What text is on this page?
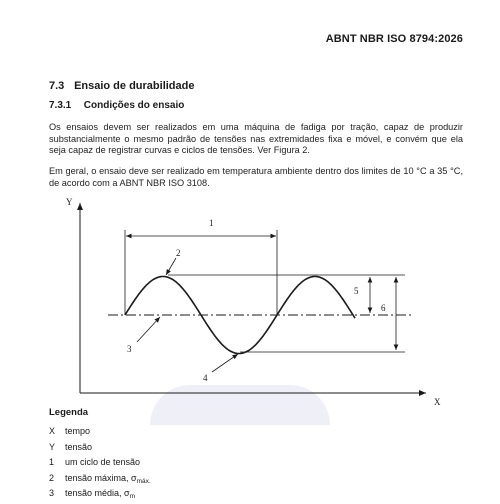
ABNT NBR ISO 8794:2026
7.3 Ensaio de durabilidade
7.3.1 Condições do ensaio
Os ensaios devem ser realizados em uma máquina de fadiga por tração, capaz de produzir substancialmente o mesmo padrão de tensões nas extremidades fixa e móvel, e convém que ela seja capaz de registrar curvas e ciclos de tensões. Ver Figura 2.
Em geral, o ensaio deve ser realizado em temperatura ambiente dentro dos limites de 10 °C a 35 °C, de acordo com a ABNT NBR ISO 3108.
Y
X
1
2
3
4
5
6
Legenda
X	tempo
Y	tensão
1	um ciclo de tensão
2	tensão máxima, $\sigma_{máx.}$
3	tensão média, $\sigma_m$
